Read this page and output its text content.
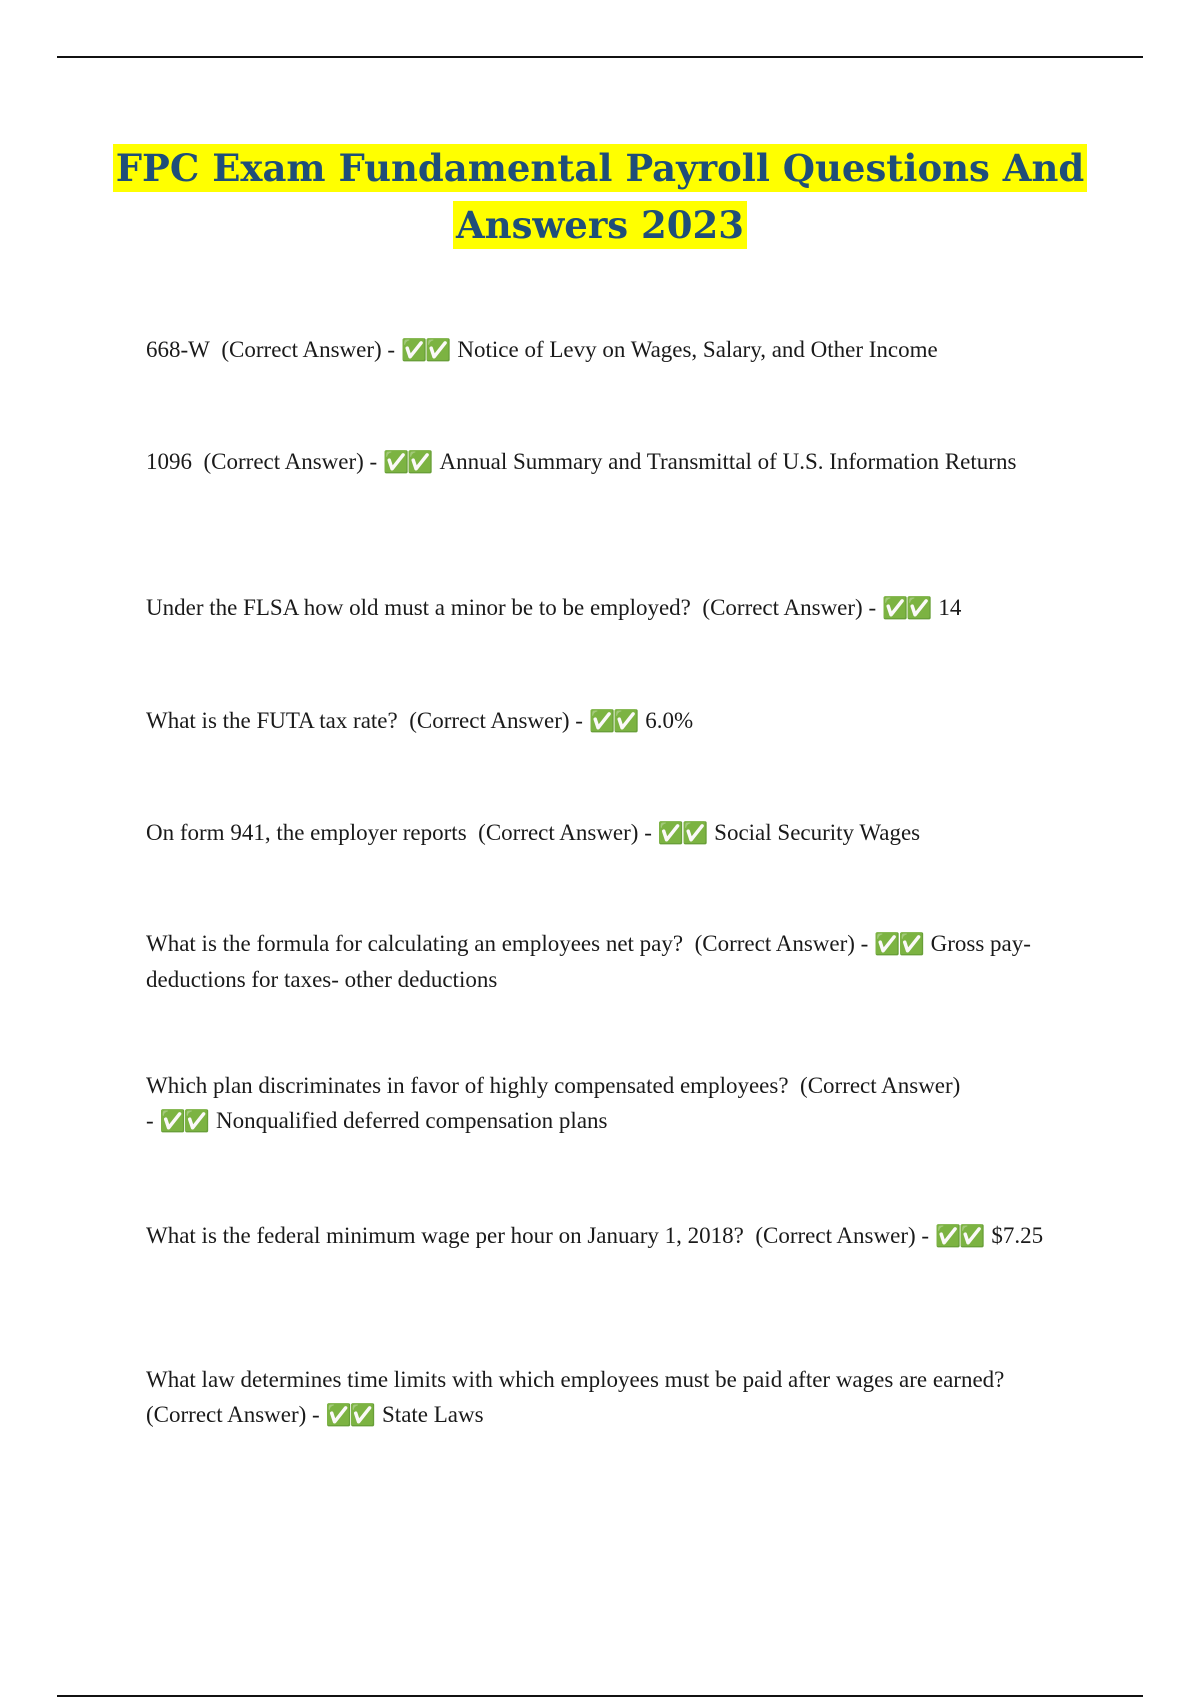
FPC Exam Fundamental Payroll Questions And Answers 2023
668-W (Correct Answer) - ✅✅ Notice of Levy on Wages, Salary, and Other Income
1096 (Correct Answer) - ✅✅ Annual Summary and Transmittal of U.S. Information Returns
Under the FLSA how old must a minor be to be employed? (Correct Answer) - ✅✅ 14
What is the FUTA tax rate? (Correct Answer) - ✅✅ 6.0%
On form 941, the employer reports (Correct Answer) - ✅✅ Social Security Wages
What is the formula for calculating an employees net pay? (Correct Answer) - ✅✅ Gross pay-deductions for taxes- other deductions
Which plan discriminates in favor of highly compensated employees? (Correct Answer) - ✅✅ Nonqualified deferred compensation plans
What is the federal minimum wage per hour on January 1, 2018? (Correct Answer) - ✅✅ $7.25
What law determines time limits with which employees must be paid after wages are earned?  (Correct Answer) - ✅✅ State Laws
